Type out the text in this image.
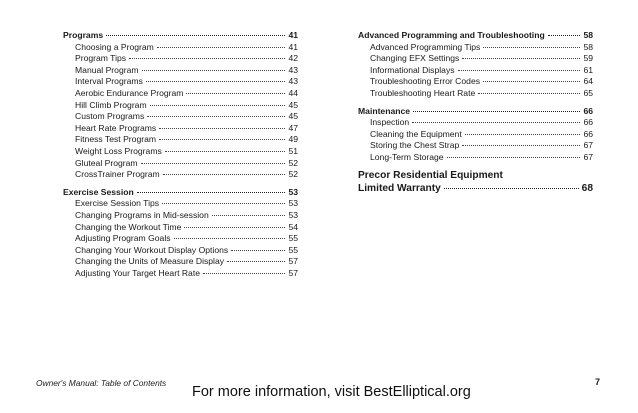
Programs	41
Choosing a Program	41
Program Tips	42
Manual Program	43
Interval Programs	43
Aerobic Endurance Program	44
Hill Climb Program	45
Custom Programs	45
Heart Rate Programs	47
Fitness Test Program	49
Weight Loss Programs	51
Gluteal Program	52
CrossTrainer Program	52
Exercise Session	53
Exercise Session Tips	53
Changing Programs in Mid-session	53
Changing the Workout Time	54
Adjusting Program Goals	55
Changing Your Workout Display Options	55
Changing the Units of Measure Display	57
Adjusting Your Target Heart Rate	57
Advanced Programming and Troubleshooting	58
Advanced Programming Tips	58
Changing EFX Settings	59
Informational Displays	61
Troubleshooting Error Codes	64
Troubleshooting Heart Rate	65
Maintenance	66
Inspection	66
Cleaning the Equipment	66
Storing the Chest Strap	67
Long-Term Storage	67
Precor Residential Equipment
Limited Warranty	68
Owner's Manual: Table of Contents	7
For more information, visit BestElliptical.org
